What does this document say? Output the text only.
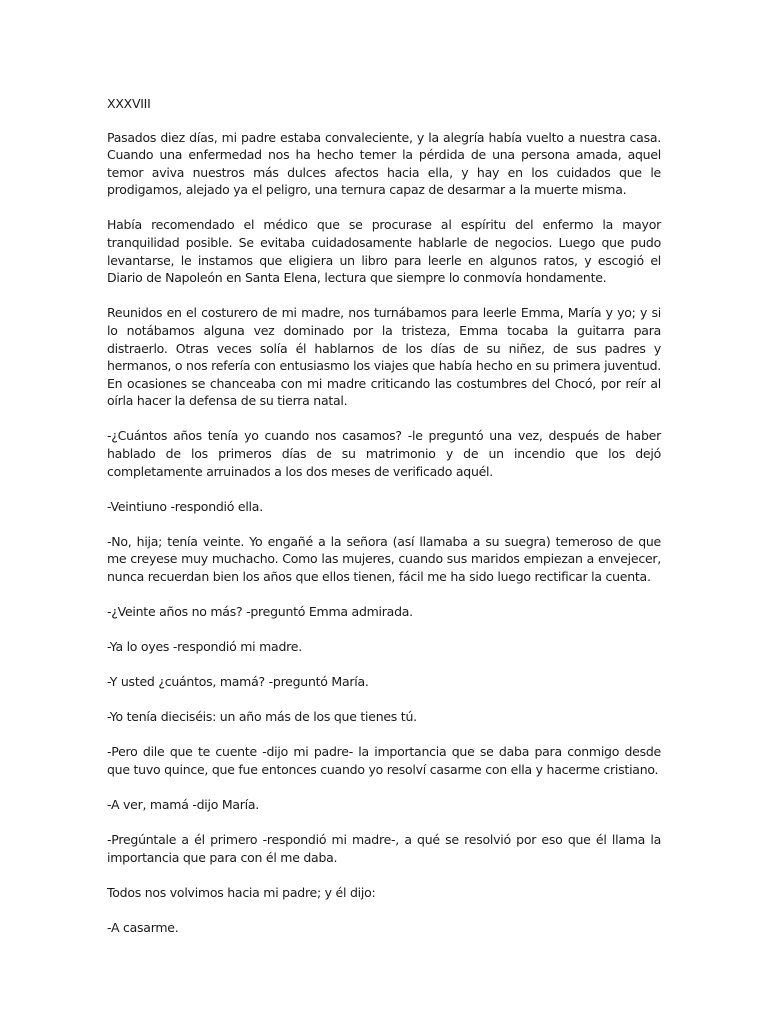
XXXVIII

Pasados diez días, mi padre estaba convaleciente, y la alegría había vuelto a nuestra casa. Cuando una enfermedad nos ha hecho temer la pérdida de una persona amada, aquel temor aviva nuestros más dulces afectos hacia ella, y hay en los cuidados que le prodigamos, alejado ya el peligro, una ternura capaz de desarmar a la muerte misma.

Había recomendado el médico que se procurase al espíritu del enfermo la mayor tranquilidad posible. Se evitaba cuidadosamente hablarle de negocios. Luego que pudo levantarse, le instamos que eligiera un libro para leerle en algunos ratos, y escogió el Diario de Napoleón en Santa Elena, lectura que siempre lo conmovía hondamente.

Reunidos en el costurero de mi madre, nos turnábamos para leerle Emma, María y yo; y si lo notábamos alguna vez dominado por la tristeza, Emma tocaba la guitarra para distraerlo. Otras veces solía él hablarnos de los días de su niñez, de sus padres y hermanos, o nos refería con entusiasmo los viajes que había hecho en su primera juventud. En ocasiones se chanceaba con mi madre criticando las costumbres del Chocó, por reír al oírla hacer la defensa de su tierra natal.

-¿Cuántos años tenía yo cuando nos casamos? -le preguntó una vez, después de haber hablado de los primeros días de su matrimonio y de un incendio que los dejó completamente arruinados a los dos meses de verificado aquél.

-Veintiuno -respondió ella.

-No, hija; tenía veinte. Yo engañé a la señora (así llamaba a su suegra) temeroso de que me creyese muy muchacho. Como las mujeres, cuando sus maridos empiezan a envejecer, nunca recuerdan bien los años que ellos tienen, fácil me ha sido luego rectificar la cuenta.

-¿Veinte años no más? -preguntó Emma admirada.

-Ya lo oyes -respondió mi madre.

-Y usted ¿cuántos, mamá? -preguntó María.

-Yo tenía dieciséis: un año más de los que tienes tú.

-Pero dile que te cuente -dijo mi padre- la importancia que se daba para conmigo desde que tuvo quince, que fue entonces cuando yo resolví casarme con ella y hacerme cristiano.

-A ver, mamá -dijo María.

-Pregúntale a él primero -respondió mi madre-, a qué se resolvió por eso que él llama la importancia que para con él me daba.

Todos nos volvimos hacia mi padre; y él dijo:

-A casarme.
